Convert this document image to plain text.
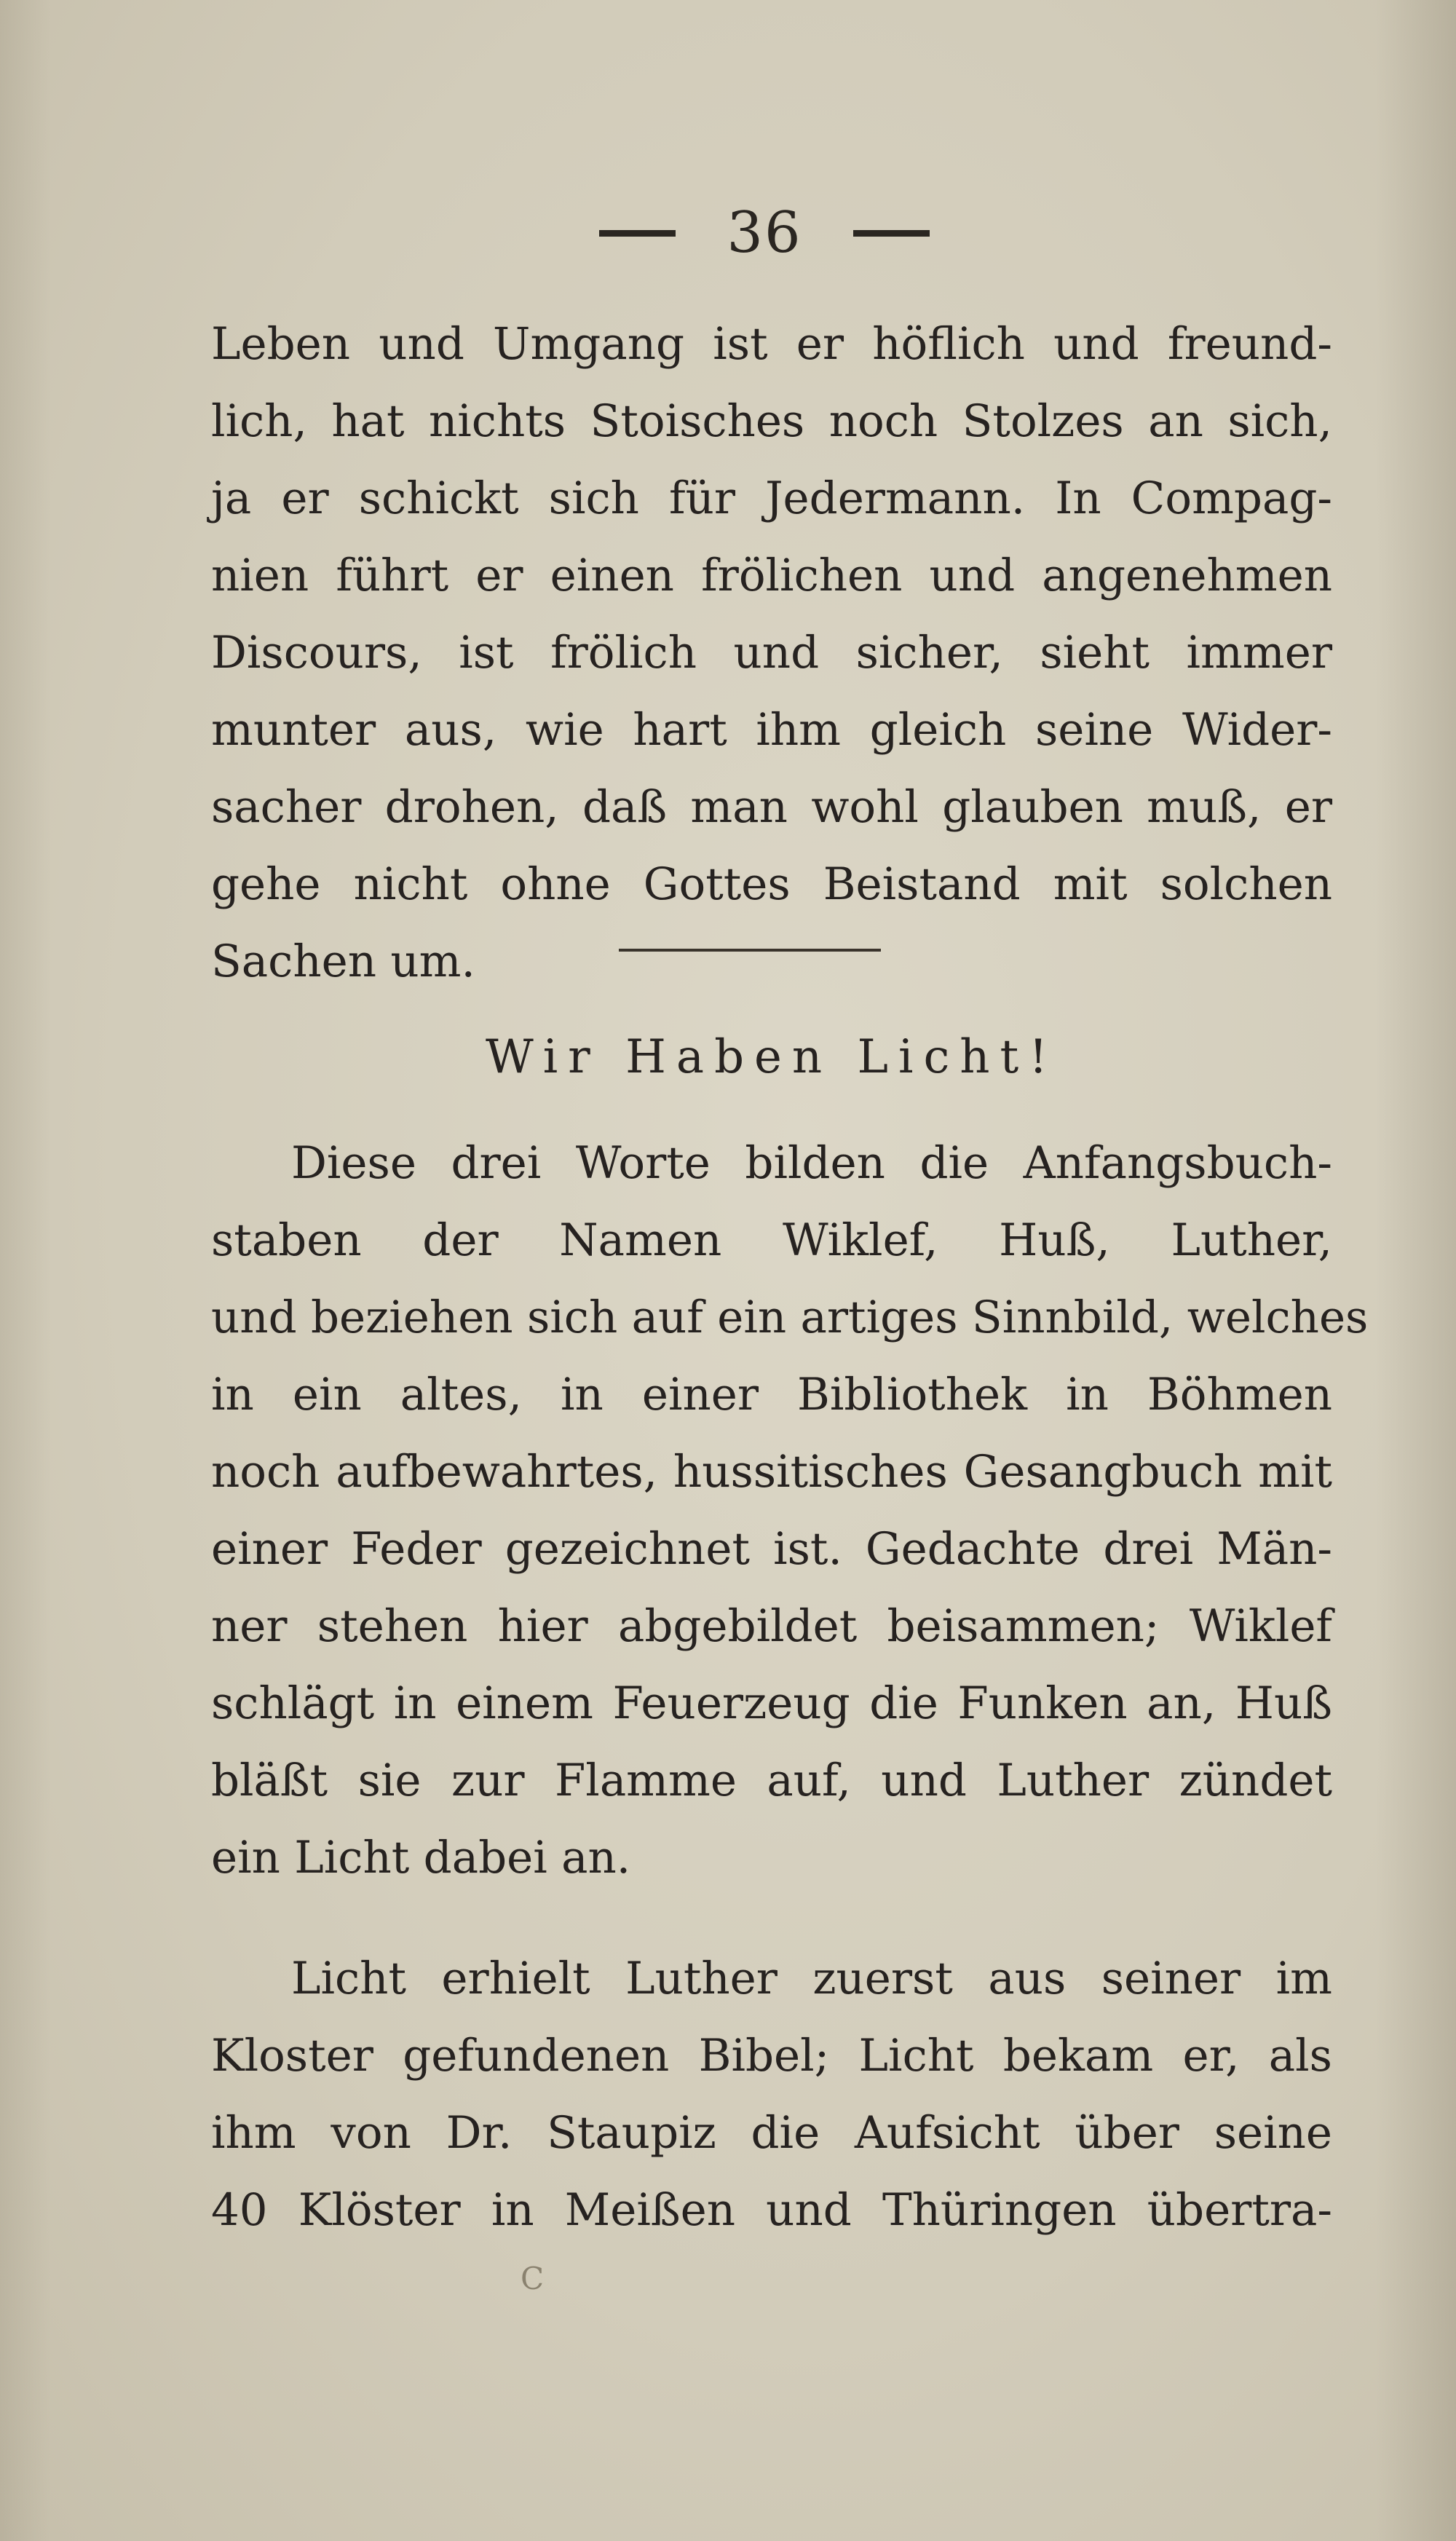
36
Leben und Umgang ist er höflich und freund-
lich, hat nichts Stoisches noch Stolzes an sich,
ja er schickt sich für Jedermann. In Compag-
nien führt er einen frölichen und angenehmen
Discours, ist frölich und sicher, sieht immer
munter aus, wie hart ihm gleich seine Wider-
sacher drohen, daß man wohl glauben muß, er
gehe nicht ohne Gottes Beistand mit solchen
Sachen um.
Wir Haben Licht!
Diese drei Worte bilden die Anfangsbuch-
staben der Namen Wiklef, Huß, Luther,
und beziehen sich auf ein artiges Sinnbild, welches
in ein altes, in einer Bibliothek in Böhmen
noch aufbewahrtes, hussitisches Gesangbuch mit
einer Feder gezeichnet ist. Gedachte drei Män-
ner stehen hier abgebildet beisammen; Wiklef
schlägt in einem Feuerzeug die Funken an, Huß
bläßt sie zur Flamme auf, und Luther zündet
ein Licht dabei an.
Licht erhielt Luther zuerst aus seiner im
Kloster gefundenen Bibel; Licht bekam er, als
ihm von Dr. Staupiz die Aufsicht über seine
40 Klöster in Meißen und Thüringen übertra-
C
